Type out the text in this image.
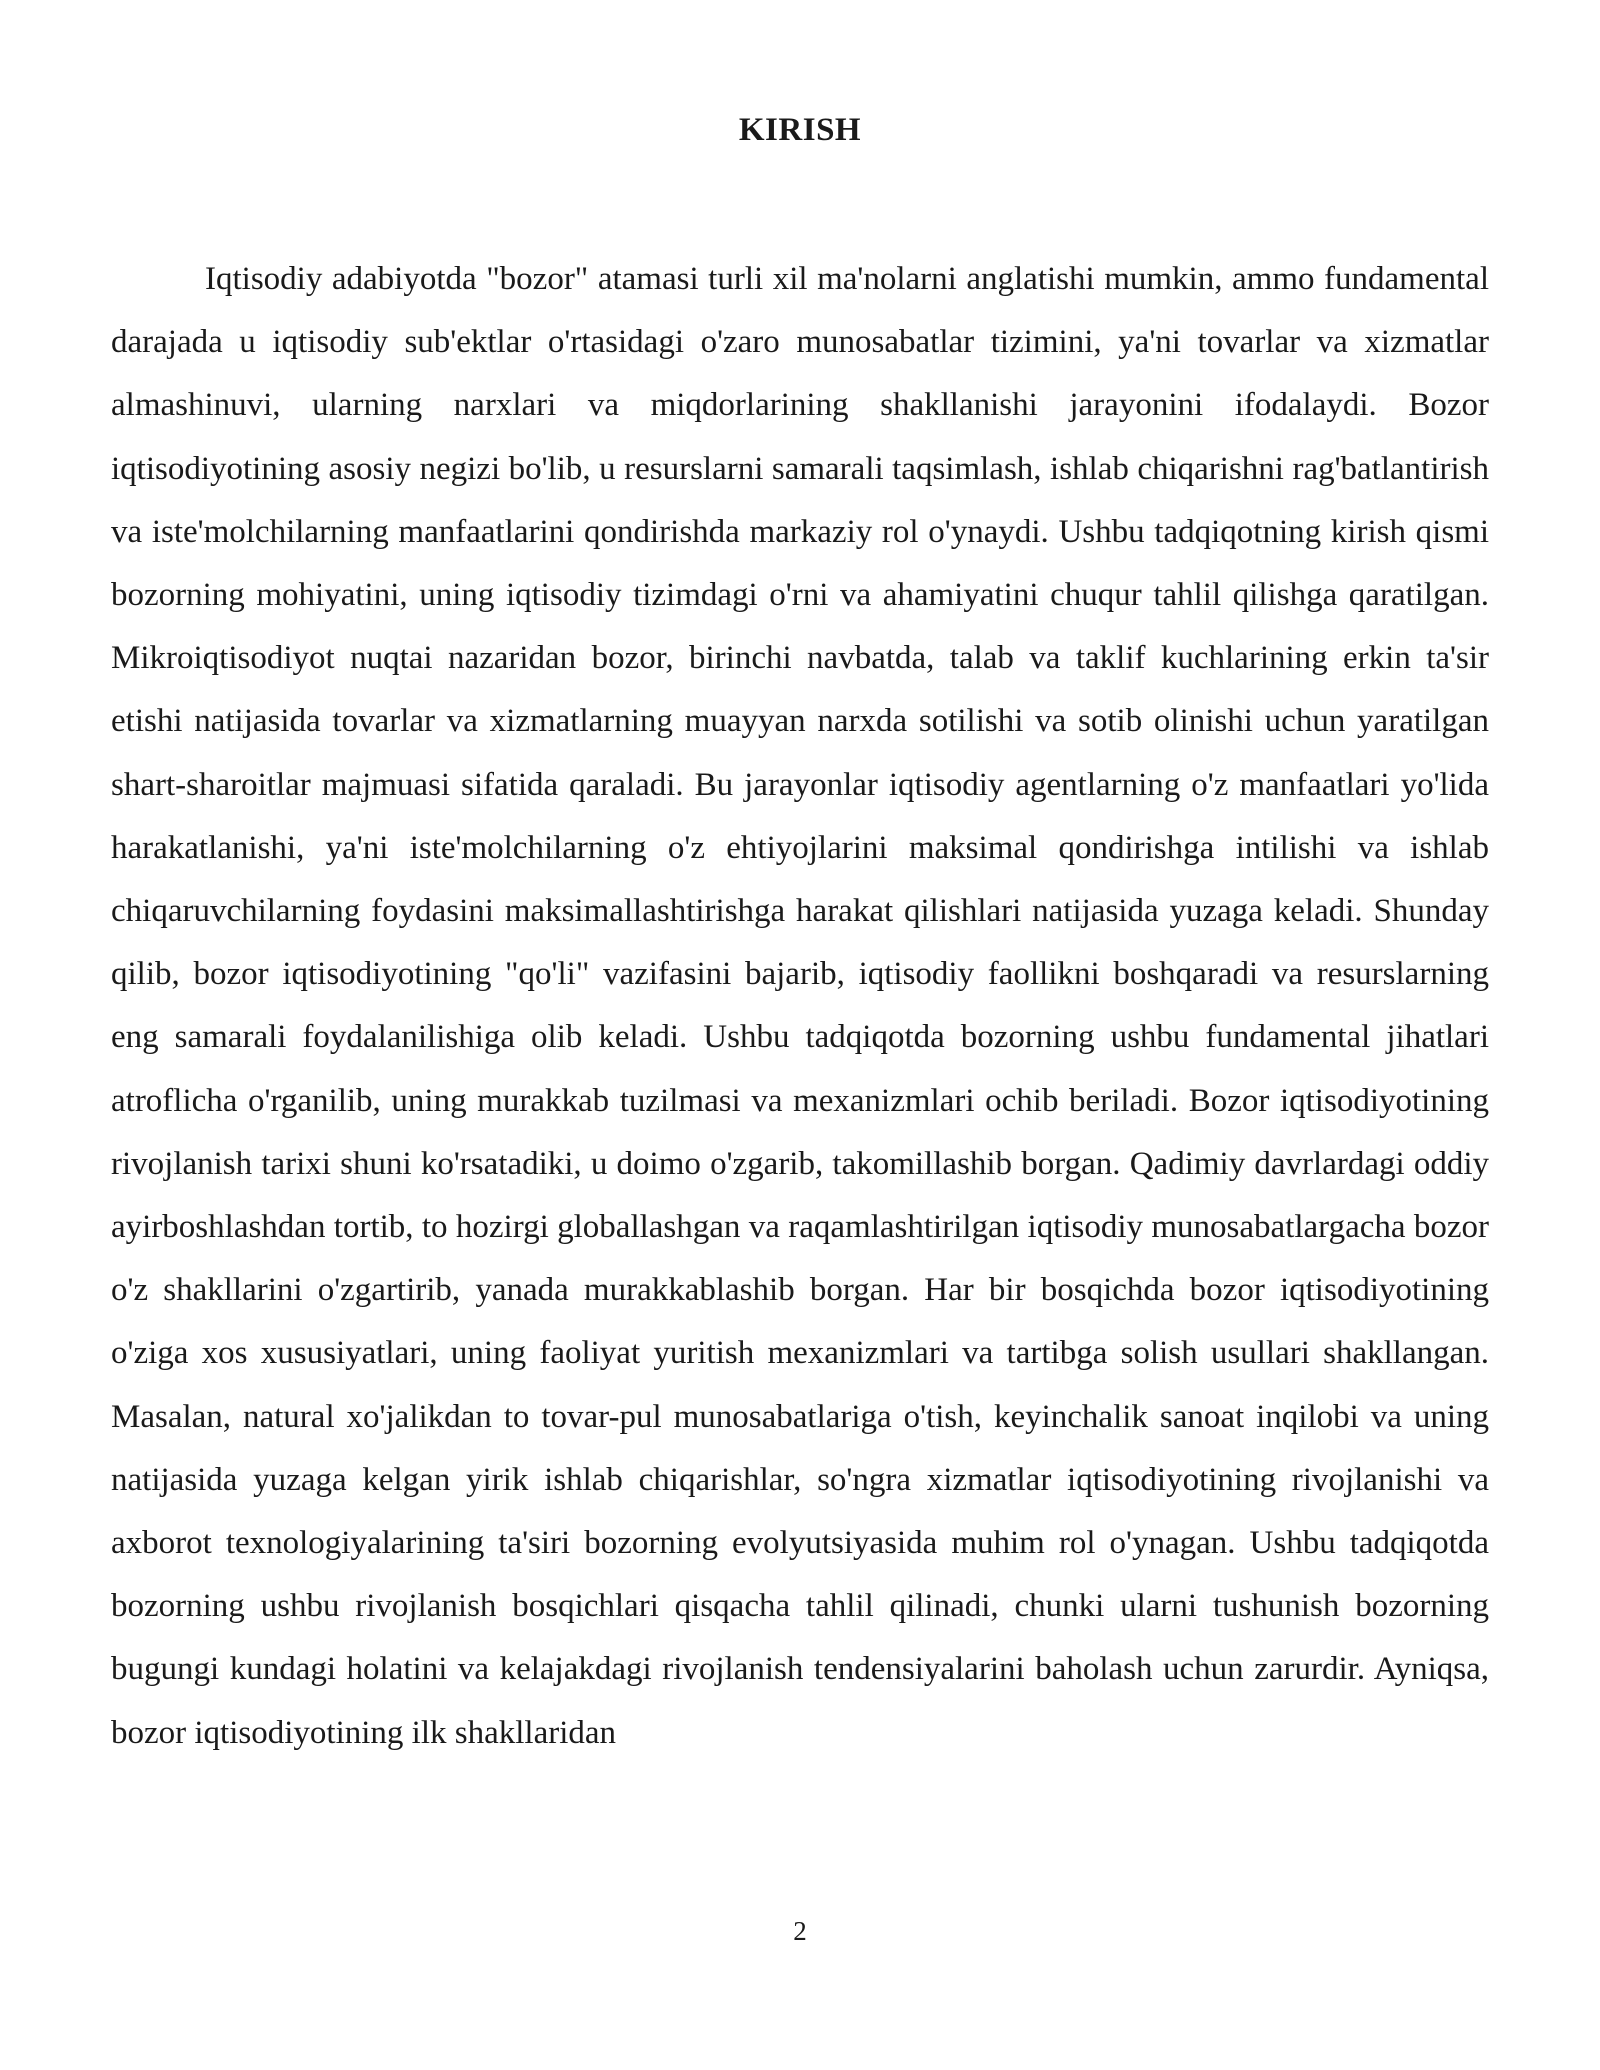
KIRISH

Iqtisodiy adabiyotda "bozor" atamasi turli xil ma'nolarni anglatishi mumkin, ammo fundamental darajada u iqtisodiy sub'ektlar o'rtasidagi o'zaro munosabatlar tizimini, ya'ni tovarlar va xizmatlar almashinuvi, ularning narxlari va miqdorlarining shakllanishi jarayonini ifodalaydi. Bozor iqtisodiyotining asosiy negizi bo'lib, u resurslarni samarali taqsimlash, ishlab chiqarishni rag'batlantirish va iste'molchilarning manfaatlarini qondirishda markaziy rol o'ynaydi. Ushbu tadqiqotning kirish qismi bozorning mohiyatini, uning iqtisodiy tizimdagi o'rni va ahamiyatini chuqur tahlil qilishga qaratilgan. Mikroiqtisodiyot nuqtai nazaridan bozor, birinchi navbatda, talab va taklif kuchlarining erkin ta'sir etishi natijasida tovarlar va xizmatlarning muayyan narxda sotilishi va sotib olinishi uchun yaratilgan shart-sharoitlar majmuasi sifatida qaraladi. Bu jarayonlar iqtisodiy agentlarning o'z manfaatlari yo'lida harakatlanishi, ya'ni iste'molchilarning o'z ehtiyojlarini maksimal qondirishga intilishi va ishlab chiqaruvchilarning foydasini maksimallashtirishga harakat qilishlari natijasida yuzaga keladi. Shunday qilib, bozor iqtisodiyotining "qo'li" vazifasini bajarib, iqtisodiy faollikni boshqaradi va resurslarning eng samarali foydalanilishiga olib keladi. Ushbu tadqiqotda bozorning ushbu fundamental jihatlari atroflicha o'rganilib, uning murakkab tuzilmasi va mexanizmlari ochib beriladi. Bozor iqtisodiyotining rivojlanish tarixi shuni ko'rsatadiki, u doimo o'zgarib, takomillashib borgan. Qadimiy davrlardagi oddiy ayirboshlashdan tortib, to hozirgi globallashgan va raqamlashtirilgan iqtisodiy munosabatlargacha bozor o'z shakllarini o'zgartirib, yanada murakkablashib borgan. Har bir bosqichda bozor iqtisodiyotining o'ziga xos xususiyatlari, uning faoliyat yuritish mexanizmlari va tartibga solish usullari shakllangan. Masalan, natural xo'jalikdan to tovar-pul munosabatlariga o'tish, keyinchalik sanoat inqilobi va uning natijasida yuzaga kelgan yirik ishlab chiqarishlar, so'ngra xizmatlar iqtisodiyotining rivojlanishi va axborot texnologiyalarining ta'siri bozorning evolyutsiyasida muhim rol o'ynagan. Ushbu tadqiqotda bozorning ushbu rivojlanish bosqichlari qisqacha tahlil qilinadi, chunki ularni tushunish bozorning bugungi kundagi holatini va kelajakdagi rivojlanish tendensiyalarini baholash uchun zarurdir. Ayniqsa, bozor iqtisodiyotining ilk shakllaridan

2
